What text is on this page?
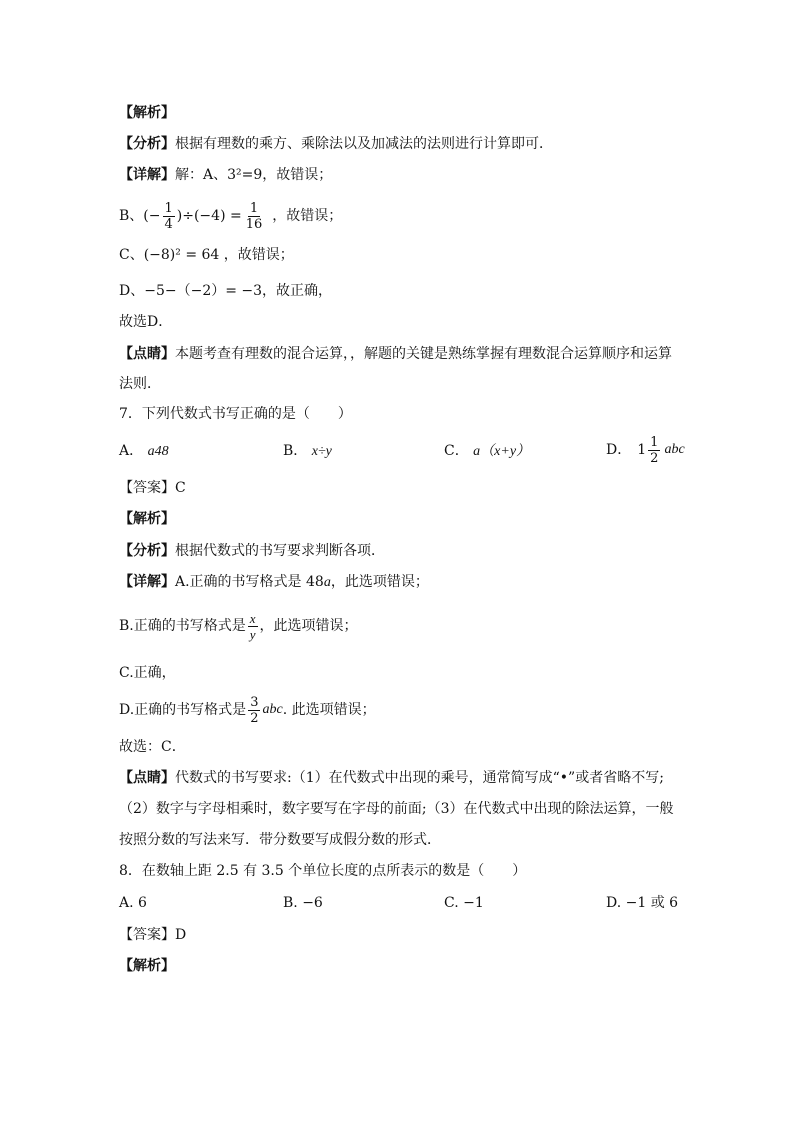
【解析】
【分析】根据有理数的乘方、乘除法以及加减法的法则进行计算即可．
【详解】解：A、3²=9，故错误；
B、 (− $\frac{1}{4} )\div(-4) = \frac{1}{16}$ ，故错误；
C、(−8)² = 64 ，故错误；
D、−5−（−2）= −3，故正确，
故选D．
【点睛】本题考查有理数的混合运算，，解题的关键是熟练掌握有理数混合运算顺序和运算
法则．
7．下列代数式书写正确的是（　　）
A． a48	B． x÷y	C． a（x+y）	D． $1 \frac{1}{2}$ abc
【答案】C
【解析】
【分析】根据代数式的书写要求判断各项．
【详解】A.正确的书写格式是 48a，此选项错误；
B.正确的书写格式是 $\frac{x}{y}$ ，此选项错误；
C.正确，
D.正确的书写格式是 $\frac{3}{2}$ abc . 此选项错误；
故选：C．
【点睛】代数式的书写要求:（1）在代数式中出现的乘号，通常简写成“•”或者省略不写;
（2）数字与字母相乘时，数字要写在字母的前面;（3）在代数式中出现的除法运算，一般
按照分数的写法来写．带分数要写成假分数的形式．
8．在数轴上距 2.5 有 3.5 个单位长度的点所表示的数是（　　）
A. 6	B. −6	C. −1	D. −1 或 6
【答案】D
【解析】
